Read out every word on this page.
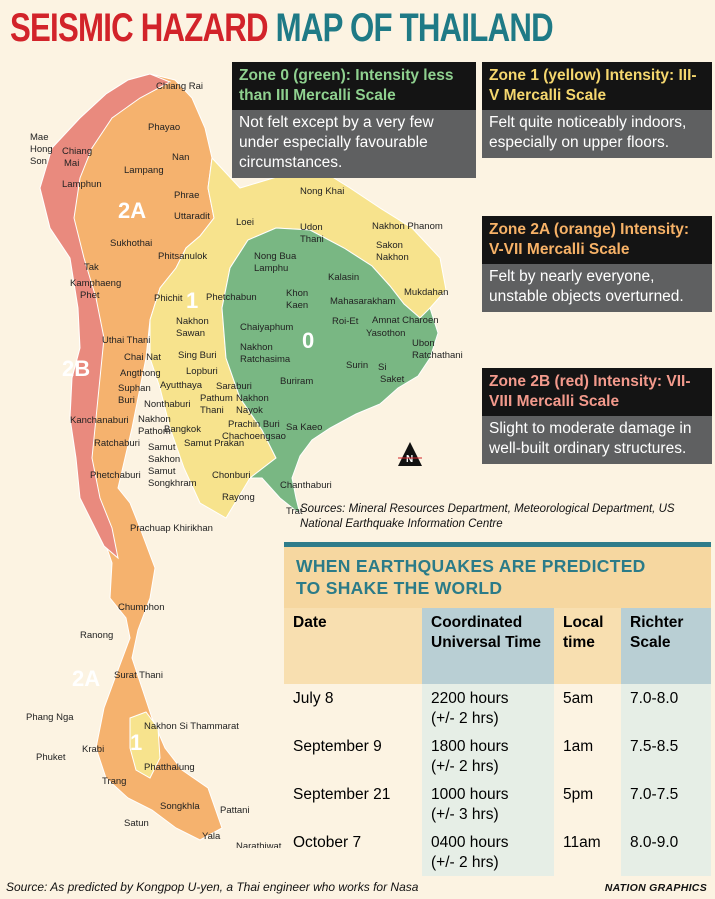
SEISMIC HAZARD MAP OF THAILAND
2A
2B
1
0
2A
1
N
Chiang Rai
Mae
Hong
Son
Phayao
Chiang
Mai
Nan
Lampang
Lamphun
Phrae	Nong Khai
Uttaradit
Sukhothai
Loei	Udon
Thani
Nakhon Phanom
Sakon
Nakhon
Tak
Phitsanulok	Nong Bua
Lamphu
Kalasin
Kamphaeng
Phet	Mukdahan
Khon
Kaen Mahasarakham
Phichit Phetchabun
Amnat Charoen
Roi-Et
Nakhon
Sawan
Chaiyaphum
Yasothon
Uthai Thani	Ubon
Ratchathani
Nakhon
Ratchasima
Chai Nat Sing Buri
Surin Si
Saket
Angthong	Lopburi
Suphan
Buri
Ayutthaya	Buriram
Saraburi
Nonthaburi
Pathum
Thani
Nakhon
Nayok
Kanchanaburi Nakhon
Pathom
Bangkok	Prachin Buri Sa Kaeo
Chachoengsao
Samut Prakan
Ratchaburi Samut
Sakhon
Samut
Songkhram
Chonburi
Phetchaburi
Rayong
Chanthaburi
Trat
Prachuap Khirikhan
Chumphon
Ranong
Surat Thani
Phang Nga
Nakhon Si Thammarat
Phuket
Krabi
Trang
Phatthalung
Songkhla Pattani
Satun
Yala
Narathiwat
Zone 0 (green): Intensity less than III Mercalli Scale
Not felt except by a very few under especially favourable circumstances.
Zone 1 (yellow) Intensity: III-V Mercalli Scale
Felt quite noticeably indoors, especially on upper floors.
Zone 2A (orange) Intensity: V-VII Mercalli Scale
Felt by nearly everyone, unstable objects overturned.
Zone 2B (red) Intensity: VII-VIII Mercalli Scale
Slight to moderate damage in well-built ordinary structures.
Sources: Mineral Resources Department, Meteorological Department, US National Earthquake Information Centre
WHEN EARTHQUAKES ARE PREDICTED
TO SHAKE THE WORLD
Date	Coordinated Universal Time	Local time	Richter Scale

July 8	2200 hours
(+/- 2 hrs)	5am	7.0-8.0

September 9	1800 hours
(+/- 2 hrs)	1am	7.5-8.5

September 21	1000 hours
(+/- 3 hrs)	5pm	7.0-7.5

October 7	0400 hours
(+/- 2 hrs)	11am	8.0-9.0
Source: As predicted by Kongpop U-yen, a Thai engineer who works for Nasa	NATION GRAPHICS
